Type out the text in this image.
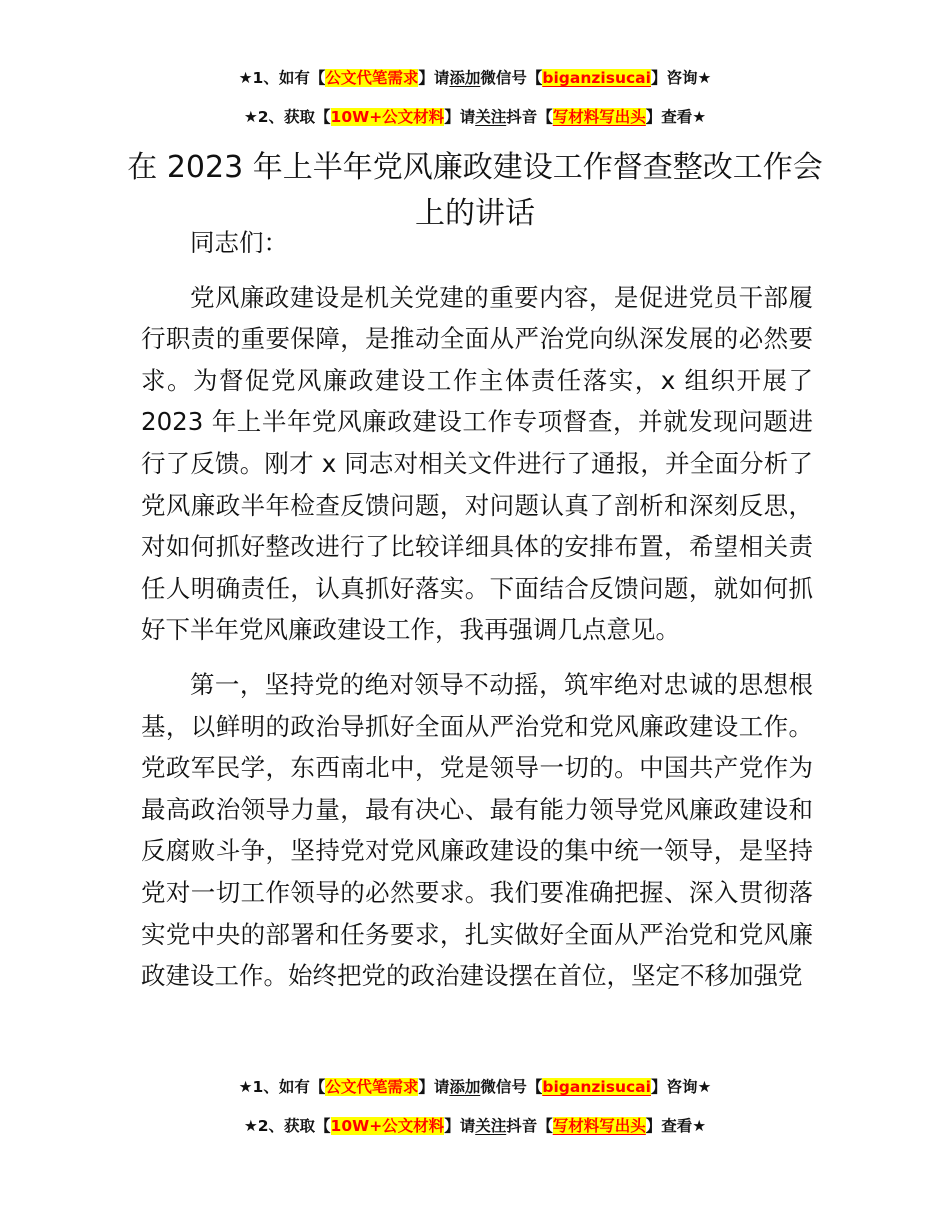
★1、如有【公文代笔需求】请添加微信号【biganzisucai】咨询★
★2、获取【10W+公文材料】请关注抖音【写材料写出头】查看★
在 2023 年上半年党风廉政建设工作督查整改工作会上的讲话

同志们：

党风廉政建设是机关党建的重要内容，是促进党员干部履行职责的重要保障，是推动全面从严治党向纵深发展的必然要求。为督促党风廉政建设工作主体责任落实，x 组织开展了2023 年上半年党风廉政建设工作专项督查，并就发现问题进行了反馈。刚才 x 同志对相关文件进行了通报，并全面分析了党风廉政半年检查反馈问题，对问题认真了剖析和深刻反思，对如何抓好整改进行了比较详细具体的安排布置，希望相关责任人明确责任，认真抓好落实。下面结合反馈问题，就如何抓好下半年党风廉政建设工作，我再强调几点意见。

第一，坚持党的绝对领导不动摇，筑牢绝对忠诚的思想根基，以鲜明的政治导抓好全面从严治党和党风廉政建设工作。党政军民学，东西南北中，党是领导一切的。中国共产党作为最高政治领导力量，最有决心、最有能力领导党风廉政建设和反腐败斗争，坚持党对党风廉政建设的集中统一领导，是坚持党对一切工作领导的必然要求。我们要准确把握、深入贯彻落实党中央的部署和任务要求，扎实做好全面从严治党和党风廉政建设工作。始终把党的政治建设摆在首位，坚定不移加强党

★1、如有【公文代笔需求】请添加微信号【biganzisucai】咨询★
★2、获取【10W+公文材料】请关注抖音【写材料写出头】查看★
